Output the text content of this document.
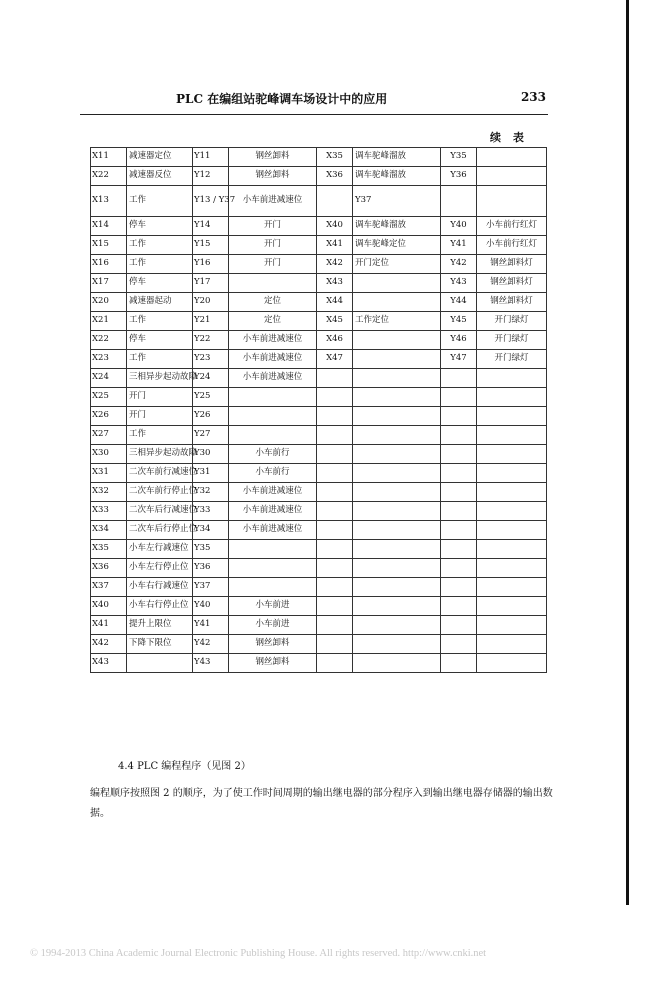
PLC 在编组站驼峰调车场设计中的应用	233
续 表
X11	减速器定位	Y11	钢丝卸料	X35	调车驼峰溜放	Y35	
X22	减速器反位	Y12	钢丝卸料	X36	调车驼峰溜放	Y36	
X13	工作	Y13 / Y37	小车前进减速位		Y37		
X14	停车	Y14	开门	X40	调车驼峰溜放	Y40	小车前行红灯
X15	工作	Y15	开门	X41	调车驼峰定位	Y41	小车前行红灯
X16	工作	Y16	开门	X42	开门定位	Y42	钢丝卸料灯
X17	停车	Y17		X43		Y43	钢丝卸料灯
X20	减速器起动	Y20	定位	X44		Y44	钢丝卸料灯
X21	工作	Y21	定位	X45	工作定位	Y45	开门绿灯
X22	停车	Y22	小车前进减速位	X46		Y46	开门绿灯
X23	工作	Y23	小车前进减速位	X47		Y47	开门绿灯
X24	三相异步起动故障	Y24	小车前进减速位				
X25	开门	Y25					
X26	开门	Y26					
X27	工作	Y27					
X30	三相异步起动故障	Y30	小车前行				
X31	二次车前行减速位	Y31	小车前行				
X32	二次车前行停止位	Y32	小车前进减速位				
X33	二次车后行减速位	Y33	小车前进减速位				
X34	二次车后行停止位	Y34	小车前进减速位				
X35	小车左行减速位	Y35					
X36	小车左行停止位	Y36					
X37	小车右行减速位	Y37					
X40	小车右行停止位	Y40	小车前进				
X41	提升上限位	Y41	小车前进				
X42	下降下限位	Y42	钢丝卸料				
X43		Y43	钢丝卸料				
4.4 PLC 编程程序（见图 2）
编程顺序按照图 2 的顺序，为了使工作时间周期的输出继电器的部分程序入到输出继电器存储器的输出数据。
© 1994-2013 China Academic Journal Electronic Publishing House. All rights reserved. http://www.cnki.net
